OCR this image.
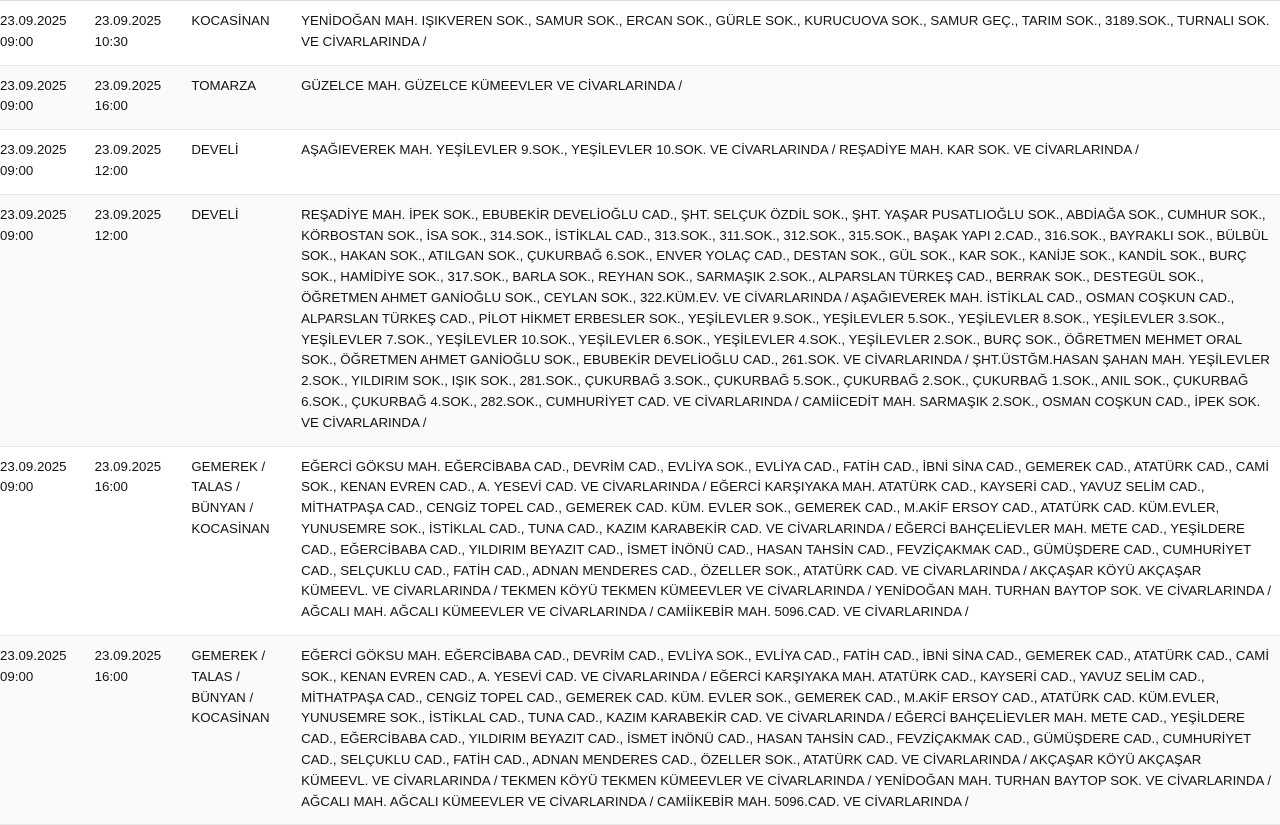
23.09.2025
09:00	23.09.2025
10:30	KOCASİNAN	YENİDOĞAN MAH. IŞIKVEREN SOK., SAMUR SOK., ERCAN SOK., GÜRLE SOK., KURUCUOVA SOK., SAMUR GEÇ., TARIM SOK., 3189.SOK., TURNALI SOK. VE CİVARLARINDA /

23.09.2025
09:00	23.09.2025
16:00	TOMARZA	GÜZELCE MAH. GÜZELCE KÜMEEVLER VE CİVARLARINDA /

23.09.2025
09:00	23.09.2025
12:00	DEVELİ	AŞAĞIEVEREK MAH. YEŞİLEVLER 9.SOK., YEŞİLEVLER 10.SOK. VE CİVARLARINDA / REŞADİYE MAH. KAR SOK. VE CİVARLARINDA /

23.09.2025
09:00	23.09.2025
12:00	DEVELİ	REŞADİYE MAH. İPEK SOK., EBUBEKİR DEVELİOĞLU CAD., ŞHT. SELÇUK ÖZDİL SOK., ŞHT. YAŞAR PUSATLIOĞLU SOK., ABDİAĞA SOK., CUMHUR SOK., KÖRBOSTAN SOK., İSA SOK., 314.SOK., İSTİKLAL CAD., 313.SOK., 311.SOK., 312.SOK., 315.SOK., BAŞAK YAPI 2.CAD., 316.SOK., BAYRAKLI SOK., BÜLBÜL SOK., HAKAN SOK., ATILGAN SOK., ÇUKURBAĞ 6.SOK., ENVER YOLAÇ CAD., DESTAN SOK., GÜL SOK., KAR SOK., KANİJE SOK., KANDİL SOK., BURÇ SOK., HAMİDİYE SOK., 317.SOK., BARLA SOK., REYHAN SOK., SARMAŞIK 2.SOK., ALPARSLAN TÜRKEŞ CAD., BERRAK SOK., DESTEGÜL SOK., ÖĞRETMEN AHMET GANİOĞLU SOK., CEYLAN SOK., 322.KÜM.EV. VE CİVARLARINDA / AŞAĞIEVEREK MAH. İSTİKLAL CAD., OSMAN COŞKUN CAD., ALPARSLAN TÜRKEŞ CAD., PİLOT HİKMET ERBESLER SOK., YEŞİLEVLER 9.SOK., YEŞİLEVLER 5.SOK., YEŞİLEVLER 8.SOK., YEŞİLEVLER 3.SOK., YEŞİLEVLER 7.SOK., YEŞİLEVLER 10.SOK., YEŞİLEVLER 6.SOK., YEŞİLEVLER 4.SOK., YEŞİLEVLER 2.SOK., BURÇ SOK., ÖĞRETMEN MEHMET ORAL SOK., ÖĞRETMEN AHMET GANİOĞLU SOK., EBUBEKİR DEVELİOĞLU CAD., 261.SOK. VE CİVARLARINDA / ŞHT.ÜSTĞM.HASAN ŞAHAN MAH. YEŞİLEVLER 2.SOK., YILDIRIM SOK., IŞIK SOK., 281.SOK., ÇUKURBAĞ 3.SOK., ÇUKURBAĞ 5.SOK., ÇUKURBAĞ 2.SOK., ÇUKURBAĞ 1.SOK., ANIL SOK., ÇUKURBAĞ 6.SOK., ÇUKURBAĞ 4.SOK., 282.SOK., CUMHURİYET CAD. VE CİVARLARINDA / CAMİİCEDİT MAH. SARMAŞIK 2.SOK., OSMAN COŞKUN CAD., İPEK SOK. VE CİVARLARINDA /

23.09.2025
09:00	23.09.2025
16:00	GEMEREK / TALAS / BÜNYAN / KOCASİNAN	EĞERCİ GÖKSU MAH. EĞERCİBABA CAD., DEVRİM CAD., EVLİYA SOK., EVLİYA CAD., FATİH CAD., İBNİ SİNA CAD., GEMEREK CAD., ATATÜRK CAD., CAMİ SOK., KENAN EVREN CAD., A. YESEVİ CAD. VE CİVARLARINDA / EĞERCİ KARŞIYAKA MAH. ATATÜRK CAD., KAYSERİ CAD., YAVUZ SELİM CAD., MİTHATPAŞA CAD., CENGİZ TOPEL CAD., GEMEREK CAD. KÜM. EVLER SOK., GEMEREK CAD., M.AKİF ERSOY CAD., ATATÜRK CAD. KÜM.EVLER, YUNUSEMRE SOK., İSTİKLAL CAD., TUNA CAD., KAZIM KARABEKİR CAD. VE CİVARLARINDA / EĞERCİ BAHÇELİEVLER MAH. METE CAD., YEŞİLDERE CAD., EĞERCİBABA CAD., YILDIRIM BEYAZIT CAD., İSMET İNÖNÜ CAD., HASAN TAHSİN CAD., FEVZİÇAKMAK CAD., GÜMÜŞDERE CAD., CUMHURİYET CAD., SELÇUKLU CAD., FATİH CAD., ADNAN MENDERES CAD., ÖZELLER SOK., ATATÜRK CAD. VE CİVARLARINDA / AKÇAŞAR KÖYÜ AKÇAŞAR KÜMEEVL. VE CİVARLARINDA / TEKMEN KÖYÜ TEKMEN KÜMEEVLER VE CİVARLARINDA / YENİDOĞAN MAH. TURHAN BAYTOP SOK. VE CİVARLARINDA / AĞCALI MAH. AĞCALI KÜMEEVLER VE CİVARLARINDA / CAMİİKEBİR MAH. 5096.CAD. VE CİVARLARINDA /

23.09.2025
09:00	23.09.2025
16:00	GEMEREK / TALAS / BÜNYAN / KOCASİNAN	EĞERCİ GÖKSU MAH. EĞERCİBABA CAD., DEVRİM CAD., EVLİYA SOK., EVLİYA CAD., FATİH CAD., İBNİ SİNA CAD., GEMEREK CAD., ATATÜRK CAD., CAMİ SOK., KENAN EVREN CAD., A. YESEVİ CAD. VE CİVARLARINDA / EĞERCİ KARŞIYAKA MAH. ATATÜRK CAD., KAYSERİ CAD., YAVUZ SELİM CAD., MİTHATPAŞA CAD., CENGİZ TOPEL CAD., GEMEREK CAD. KÜM. EVLER SOK., GEMEREK CAD., M.AKİF ERSOY CAD., ATATÜRK CAD. KÜM.EVLER, YUNUSEMRE SOK., İSTİKLAL CAD., TUNA CAD., KAZIM KARABEKİR CAD. VE CİVARLARINDA / EĞERCİ BAHÇELİEVLER MAH. METE CAD., YEŞİLDERE CAD., EĞERCİBABA CAD., YILDIRIM BEYAZIT CAD., İSMET İNÖNÜ CAD., HASAN TAHSİN CAD., FEVZİÇAKMAK CAD., GÜMÜŞDERE CAD., CUMHURİYET CAD., SELÇUKLU CAD., FATİH CAD., ADNAN MENDERES CAD., ÖZELLER SOK., ATATÜRK CAD. VE CİVARLARINDA / AKÇAŞAR KÖYÜ AKÇAŞAR KÜMEEVL. VE CİVARLARINDA / TEKMEN KÖYÜ TEKMEN KÜMEEVLER VE CİVARLARINDA / YENİDOĞAN MAH. TURHAN BAYTOP SOK. VE CİVARLARINDA / AĞCALI MAH. AĞCALI KÜMEEVLER VE CİVARLARINDA / CAMİİKEBİR MAH. 5096.CAD. VE CİVARLARINDA /
